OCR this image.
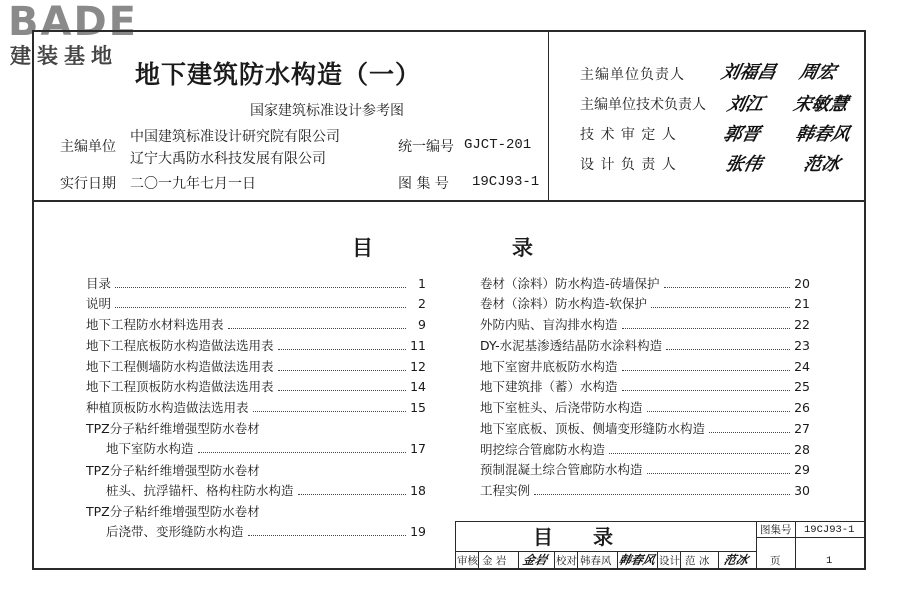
BADE
建装基地
地下建筑防水构造（一）
国家建筑标准设计参考图
主编单位
中国建筑标准设计研究院有限公司
辽宁大禹防水科技发展有限公司
实行日期 二〇一九年七月一日
统一编号 GJCT-201
图 集 号 19CJ93-1
主编单位负责人 刘福昌 周宏
主编单位技术负责人 刘江 宋敏慧
技 术 审 定 人 郭晋 韩春风
设 计 负 责 人	张伟 范冰
目	录
目录	1
说明	2
地下工程防水材料选用表	9
地下工程底板防水构造做法选用表	11
地下工程侧墙防水构造做法选用表	12
地下工程顶板防水构造做法选用表	14
种植顶板防水构造做法选用表	15
TPZ分子粘纤维增强型防水卷材
地下室防水构造	17
TPZ分子粘纤维增强型防水卷材
桩头、抗浮锚杆、格构柱防水构造	18
TPZ分子粘纤维增强型防水卷材
后浇带、变形缝防水构造	19
卷材（涂料）防水构造-砖墙保护	20
卷材（涂料）防水构造-软保护	21
外防内贴、盲沟排水构造	22
DY-水泥基渗透结晶防水涂料构造	23
地下室窗井底板防水构造	24
地下建筑排（蓄）水构造	25
地下室桩头、后浇带防水构造	26
地下室底板、顶板、侧墙变形缝防水构造	27
明挖综合管廊防水构造	28
预制混凝土综合管廊防水构造	29
工程实例	30
目　　录	图集号 19CJ93-1
页	1
审核 金 岩 金岩 校对 韩春风 韩春风 设计 范 冰 范冰
